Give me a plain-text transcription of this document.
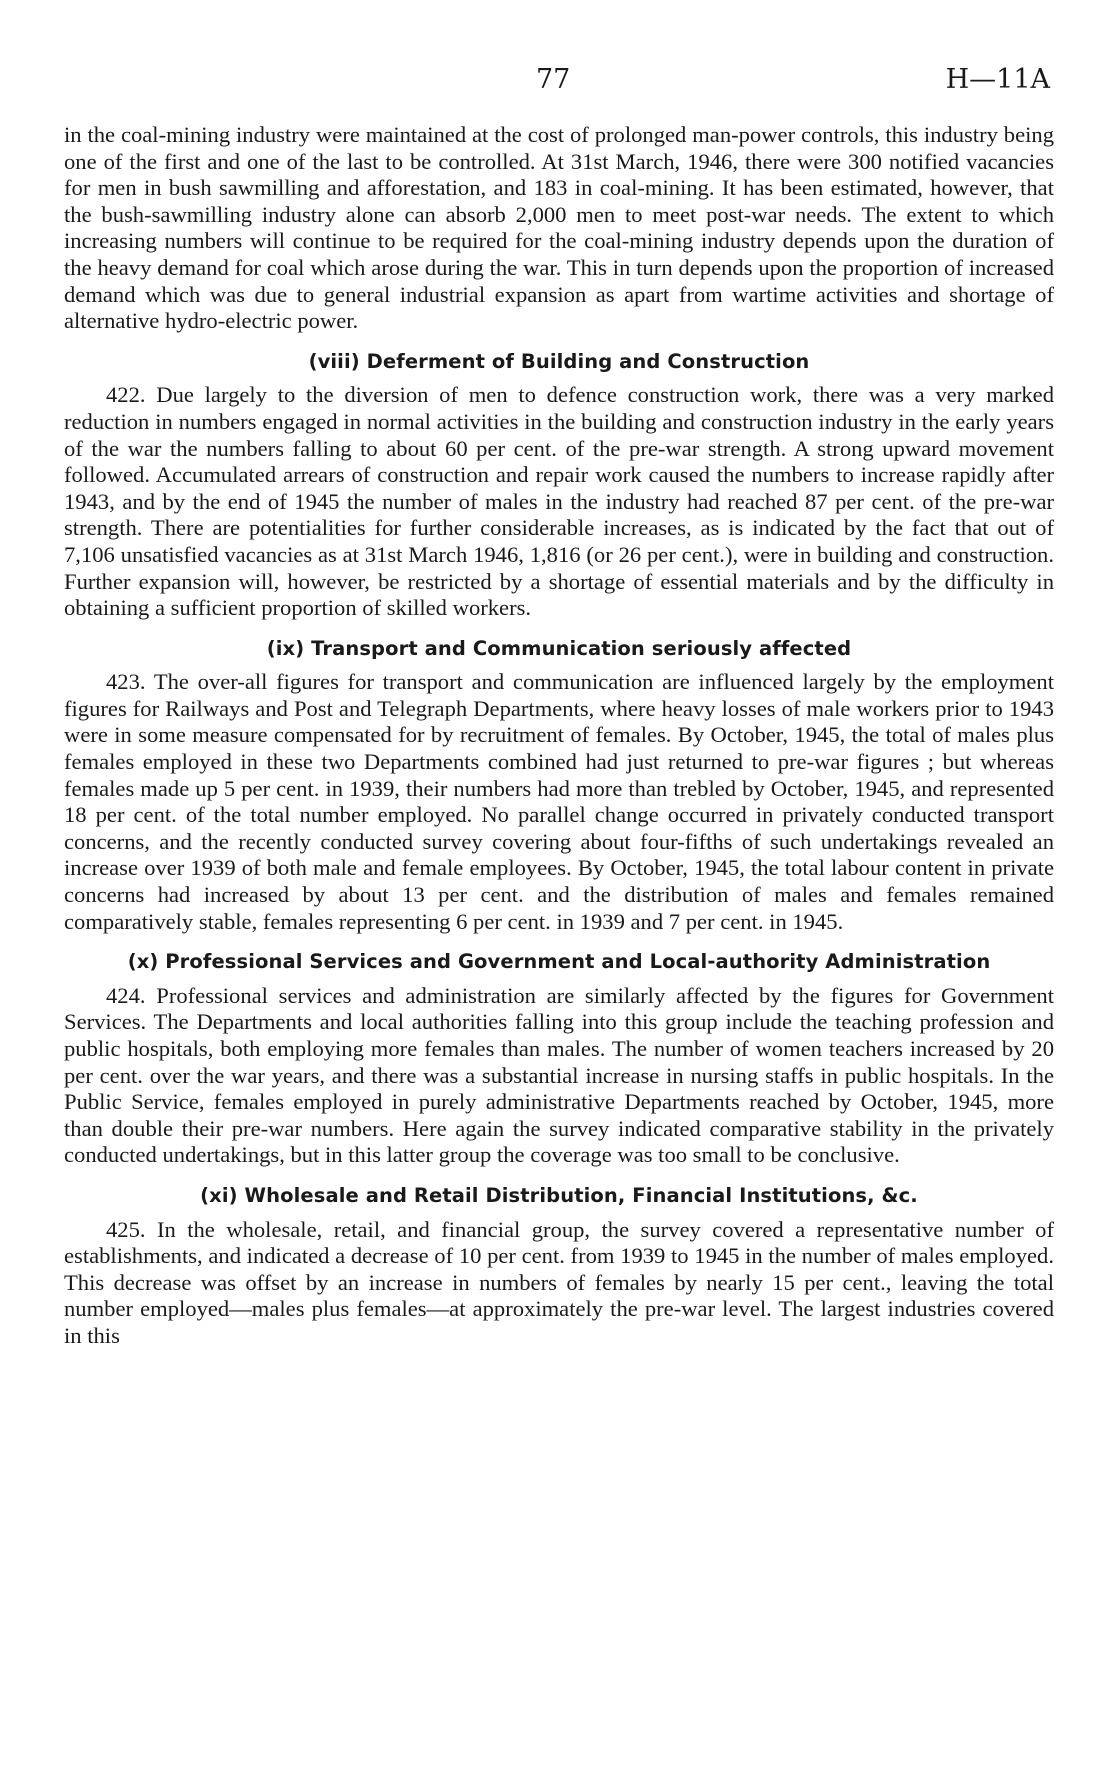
77	H—11A

in the coal-mining industry were maintained at the cost of prolonged man-power controls, this industry being one of the first and one of the last to be controlled. At 31st March, 1946, there were 300 notified vacancies for men in bush sawmilling and afforestation, and 183 in coal-mining. It has been estimated, however, that the bush-sawmilling industry alone can absorb 2,000 men to meet post-war needs. The extent to which increasing numbers will continue to be required for the coal-mining industry depends upon the duration of the heavy demand for coal which arose during the war. This in turn depends upon the proportion of increased demand which was due to general industrial expansion as apart from wartime activities and shortage of alternative hydro-electric power.

(viii) Deferment of Building and Construction

422. Due largely to the diversion of men to defence construction work, there was a very marked reduction in numbers engaged in normal activities in the building and construction industry in the early years of the war the numbers falling to about 60 per cent. of the pre-war strength. A strong upward movement followed. Accumulated arrears of construction and repair work caused the numbers to increase rapidly after 1943, and by the end of 1945 the number of males in the industry had reached 87 per cent. of the pre-war strength. There are potentialities for further considerable increases, as is indicated by the fact that out of 7,106 unsatisfied vacancies as at 31st March 1946, 1,816 (or 26 per cent.), were in building and construction. Further expansion will, however, be restricted by a shortage of essential materials and by the difficulty in obtaining a sufficient proportion of skilled workers.

(ix) Transport and Communication seriously affected

423. The over-all figures for transport and communication are influenced largely by the employment figures for Railways and Post and Telegraph Departments, where heavy losses of male workers prior to 1943 were in some measure compensated for by recruitment of females. By October, 1945, the total of males plus females employed in these two Departments combined had just returned to pre-war figures ; but whereas females made up 5 per cent. in 1939, their numbers had more than trebled by October, 1945, and represented 18 per cent. of the total number employed. No parallel change occurred in privately conducted transport concerns, and the recently conducted survey covering about four-fifths of such undertakings revealed an increase over 1939 of both male and female employees. By October, 1945, the total labour content in private concerns had increased by about 13 per cent. and the distribution of males and females remained comparatively stable, females representing 6 per cent. in 1939 and 7 per cent. in 1945.

(x) Professional Services and Government and Local-authority Administration

424. Professional services and administration are similarly affected by the figures for Government Services. The Departments and local authorities falling into this group include the teaching profession and public hospitals, both employing more females than males. The number of women teachers increased by 20 per cent. over the war years, and there was a substantial increase in nursing staffs in public hospitals. In the Public Service, females employed in purely administrative Departments reached by October, 1945, more than double their pre-war numbers. Here again the survey indicated comparative stability in the privately conducted undertakings, but in this latter group the coverage was too small to be conclusive.

(xi) Wholesale and Retail Distribution, Financial Institutions, &c.

425. In the wholesale, retail, and financial group, the survey covered a representative number of establishments, and indicated a decrease of 10 per cent. from 1939 to 1945 in the number of males employed. This decrease was offset by an increase in numbers of females by nearly 15 per cent., leaving the total number employed—males plus females—at approximately the pre-war level. The largest industries covered in this
